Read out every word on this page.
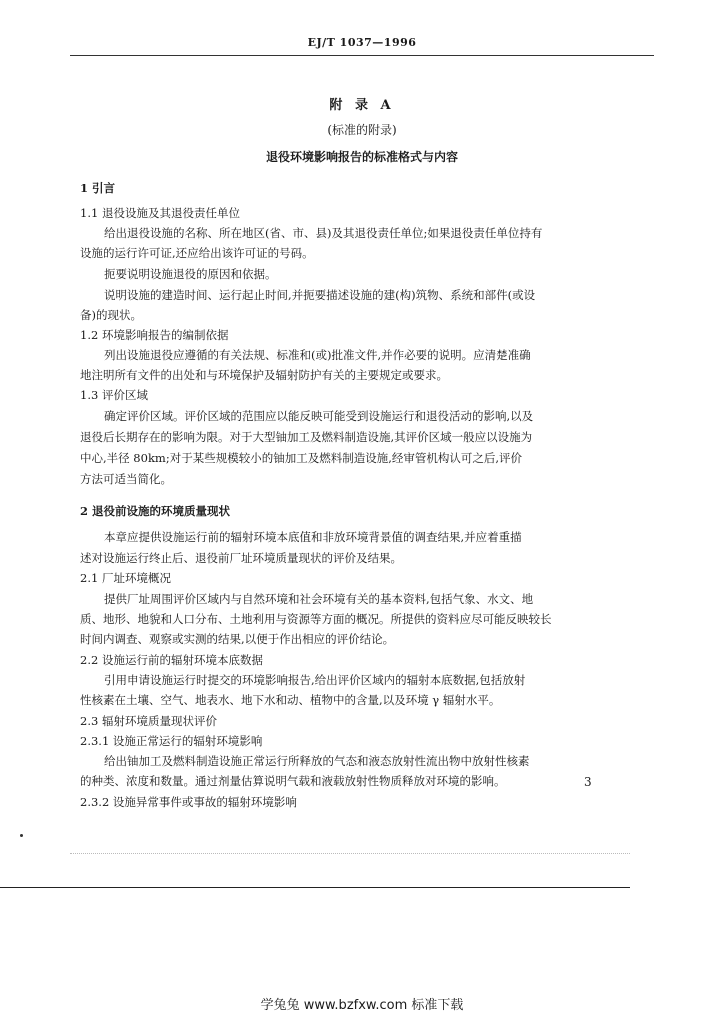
EJ/T 1037—1996
附 录 A
(标准的附录)
退役环境影响报告的标准格式与内容
1 引言
1.1 退役设施及其退役责任单位
给出退役设施的名称、所在地区(省、市、县)及其退役责任单位;如果退役责任单位持有
设施的运行许可证,还应给出该许可证的号码。
扼要说明设施退役的原因和依据。
说明设施的建造时间、运行起止时间,并扼要描述设施的建(构)筑物、系统和部件(或设
备)的现状。
1.2 环境影响报告的编制依据
列出设施退役应遵循的有关法规、标准和(或)批准文件,并作必要的说明。应清楚准确
地注明所有文件的出处和与环境保护及辐射防护有关的主要规定或要求。
1.3 评价区域
确定评价区域。评价区域的范围应以能反映可能受到设施运行和退役活动的影响,以及
退役后长期存在的影响为限。对于大型铀加工及燃料制造设施,其评价区域一般应以设施为
中心,半径 80km;对于某些规模较小的铀加工及燃料制造设施,经审管机构认可之后,评价
方法可适当简化。
2 退役前设施的环境质量现状
本章应提供设施运行前的辐射环境本底值和非放环境背景值的调查结果,并应着重描
述对设施运行终止后、退役前厂址环境质量现状的评价及结果。
2.1 厂址环境概况
提供厂址周围评价区域内与自然环境和社会环境有关的基本资料,包括气象、水文、地
质、地形、地貌和人口分布、土地利用与资源等方面的概况。所提供的资料应尽可能反映较长
时间内调查、观察或实测的结果,以便于作出相应的评价结论。
2.2 设施运行前的辐射环境本底数据
引用申请设施运行时提交的环境影响报告,给出评价区域内的辐射本底数据,包括放射
性核素在土壤、空气、地表水、地下水和动、植物中的含量,以及环境 γ 辐射水平。
2.3 辐射环境质量现状评价
2.3.1 设施正常运行的辐射环境影响
给出铀加工及燃料制造设施正常运行所释放的气态和液态放射性流出物中放射性核素
的种类、浓度和数量。通过剂量估算说明气载和液载放射性物质释放对环境的影响。
2.3.2 设施异常事件或事故的辐射环境影响
3
学兔兔 www.bzfxw.com 标准下载
